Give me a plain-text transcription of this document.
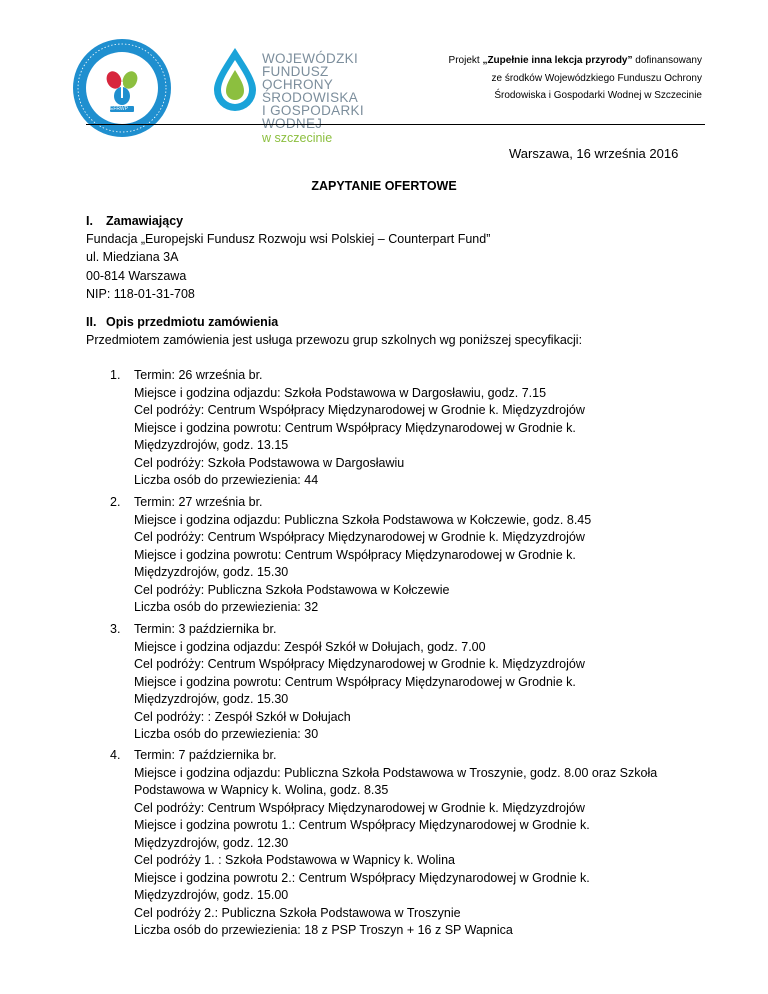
EFRWP
WOJEWÓDZKI FUNDUSZ
OCHRONY ŚRODOWISKA
I GOSPODARKI WODNEJ
w szczecinie
Projekt „Zupełnie inna lekcja przyrody” dofinansowany
ze środków Wojewódzkiego Funduszu Ochrony
Środowiska i Gospodarki Wodnej w Szczecinie
Warszawa, 16 września 2016
ZAPYTANIE OFERTOWE
I. Zamawiający
Fundacja „Europejski Fundusz Rozwoju wsi Polskiej – Counterpart Fund”
ul. Miedziana 3A
00-814 Warszawa
NIP: 118-01-31-708
II. Opis przedmiotu zamówienia
Przedmiotem zamówienia jest usługa przewozu grup szkolnych wg poniższej specyfikacji:
1. Termin: 26 września br.
Miejsce i godzina odjazdu: Szkoła Podstawowa w Dargosławiu, godz. 7.15
Cel podróży: Centrum Współpracy Międzynarodowej w Grodnie k. Międzyzdrojów
Miejsce i godzina powrotu: Centrum Współpracy Międzynarodowej w Grodnie k.
Międzyzdrojów, godz. 13.15
Cel podróży: Szkoła Podstawowa w Dargosławiu
Liczba osób do przewiezienia: 44
2. Termin: 27 września br.
Miejsce i godzina odjazdu: Publiczna Szkoła Podstawowa w Kołczewie, godz. 8.45
Cel podróży: Centrum Współpracy Międzynarodowej w Grodnie k. Międzyzdrojów
Miejsce i godzina powrotu: Centrum Współpracy Międzynarodowej w Grodnie k.
Międzyzdrojów, godz. 15.30
Cel podróży: Publiczna Szkoła Podstawowa w Kołczewie
Liczba osób do przewiezienia: 32
3. Termin: 3 października br.
Miejsce i godzina odjazdu: Zespół Szkół w Dołujach, godz. 7.00
Cel podróży: Centrum Współpracy Międzynarodowej w Grodnie k. Międzyzdrojów
Miejsce i godzina powrotu: Centrum Współpracy Międzynarodowej w Grodnie k.
Międzyzdrojów, godz. 15.30
Cel podróży: : Zespół Szkół w Dołujach
Liczba osób do przewiezienia: 30
4. Termin: 7 października br.
Miejsce i godzina odjazdu: Publiczna Szkoła Podstawowa w Troszynie, godz. 8.00 oraz Szkoła
Podstawowa w Wapnicy k. Wolina, godz. 8.35
Cel podróży: Centrum Współpracy Międzynarodowej w Grodnie k. Międzyzdrojów
Miejsce i godzina powrotu 1.: Centrum Współpracy Międzynarodowej w Grodnie k.
Międzyzdrojów, godz. 12.30
Cel podróży 1. : Szkoła Podstawowa w Wapnicy k. Wolina
Miejsce i godzina powrotu 2.: Centrum Współpracy Międzynarodowej w Grodnie k.
Międzyzdrojów, godz. 15.00
Cel podróży 2.: Publiczna Szkoła Podstawowa w Troszynie
Liczba osób do przewiezienia: 18 z PSP Troszyn + 16 z SP Wapnica
